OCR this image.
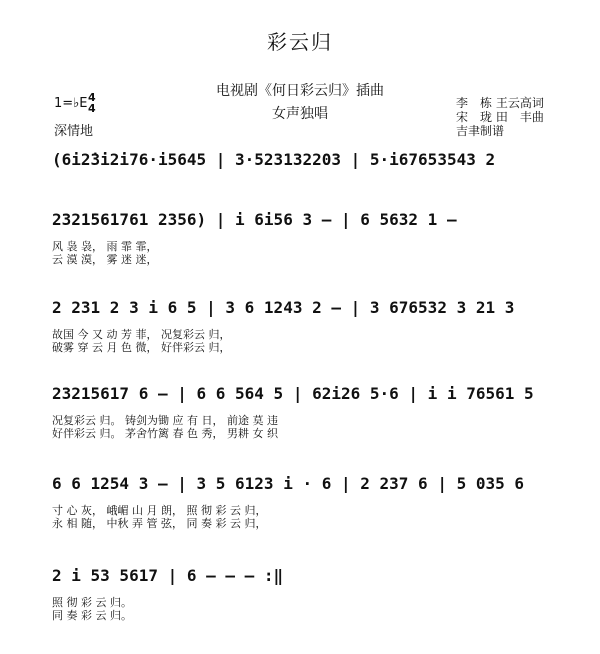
彩云归
电视剧《何日彩云归》插曲
女声独唱
1=♭E 4
4
深情地
李　栋 王云高词
宋　珑 田　丰曲
吉聿制谱
(6i2̇3̇i2̇i76·i5645 | 3·523132203 | 5·i67653543 2
2321561761 2356) | i 6i56 3 – | 6 5632 1 –
风 袅 袅， 雨 霏 霏，
云 漠 漠， 雾 迷 迷，
2 231 2 3 i 6 5 | 3 6 1243 2 – | 3 676532 3 21 3
故国 今 又 动 芳 菲， 况复彩云 归，
破雾 穿 云 月 色 微， 好伴彩云 归，
23215617 6 – | 6 6 564 5 | 62i26 5·6 | i i 76561 5
况复彩云 归。 铸剑为锄 应 有 日， 前途 莫 违
好伴彩云 归。 茅舍竹篱 春 色 秀， 男耕 女 织
6 6 1254 3 – | 3 5 6123 i · 6 | 2 237 6 | 5 035 6
寸 心 灰， 峨嵋 山 月 朗， 照 彻 彩 云 归，
永 相 随， 中秋 弄 管 弦， 同 奏 彩 云 归，
2 i 53 5617 | 6 – – – :‖
照 彻 彩 云 归。
同 奏 彩 云 归。
